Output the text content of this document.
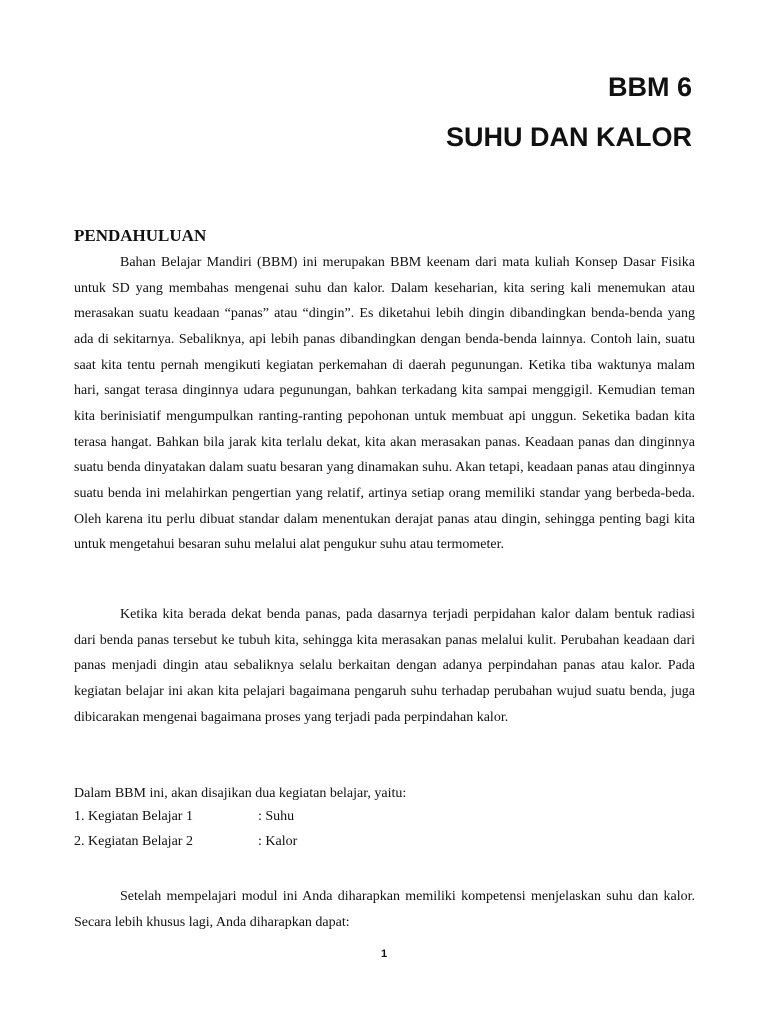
BBM 6
SUHU DAN KALOR
PENDAHULUAN

Bahan Belajar Mandiri (BBM) ini merupakan BBM keenam dari mata kuliah Konsep Dasar Fisika untuk SD yang membahas mengenai suhu dan kalor. Dalam keseharian, kita sering kali menemukan atau merasakan suatu keadaan “panas” atau “dingin”. Es diketahui lebih dingin dibandingkan benda-benda yang ada di sekitarnya. Sebaliknya, api lebih panas dibandingkan dengan benda-benda lainnya. Contoh lain, suatu saat kita tentu pernah mengikuti kegiatan perkemahan di daerah pegunungan. Ketika tiba waktunya malam hari, sangat terasa dinginnya udara pegunungan, bahkan terkadang kita sampai menggigil. Kemudian teman kita berinisiatif mengumpulkan ranting-ranting pepohonan untuk membuat api unggun. Seketika badan kita terasa hangat. Bahkan bila jarak kita terlalu dekat, kita akan merasakan panas. Keadaan panas dan dinginnya suatu benda dinyatakan dalam suatu besaran yang dinamakan suhu. Akan tetapi, keadaan panas atau dinginnya suatu benda ini melahirkan pengertian yang relatif, artinya setiap orang memiliki standar yang berbeda-beda. Oleh karena itu perlu dibuat standar dalam menentukan derajat panas atau dingin, sehingga penting bagi kita untuk mengetahui besaran suhu melalui alat pengukur suhu atau termometer.

Ketika kita berada dekat benda panas, pada dasarnya terjadi perpidahan kalor dalam bentuk radiasi dari benda panas tersebut ke tubuh kita, sehingga kita merasakan panas melalui kulit. Perubahan keadaan dari panas menjadi dingin atau sebaliknya selalu berkaitan dengan adanya perpindahan panas atau kalor. Pada kegiatan belajar ini akan kita pelajari bagaimana pengaruh suhu terhadap perubahan wujud suatu benda, juga dibicarakan mengenai bagaimana proses yang terjadi pada perpindahan kalor.

Dalam BBM ini, akan disajikan dua kegiatan belajar, yaitu:

1. Kegiatan Belajar 1	: Suhu
2. Kegiatan Belajar 2	: Kalor

Setelah mempelajari modul ini Anda diharapkan memiliki kompetensi menjelaskan suhu dan kalor. Secara lebih khusus lagi, Anda diharapkan dapat:

1
